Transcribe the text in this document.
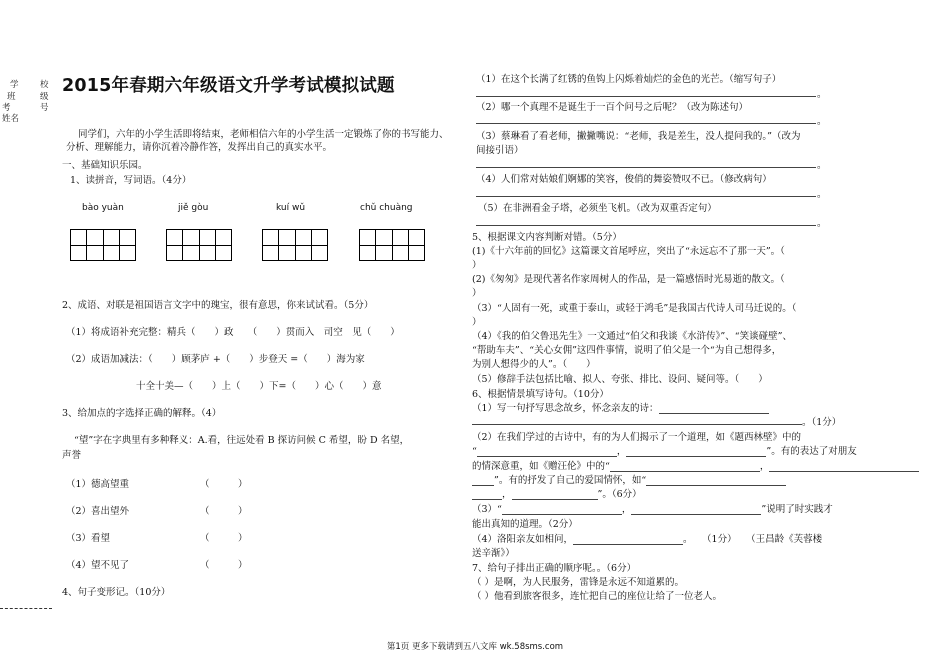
学
班
考
姓名
校
级
号
2015年春期六年级语文升学考试模拟试题
同学们，六年的小学生活即将结束，老师相信六年的小学生活一定锻炼了你的书写能力、分析、理解能力，请你沉着冷静作答，发挥出自己的真实水平。
一、基础知识乐园。
1、读拼音，写词语。（4分）
bào yuàn	jiě gòu	kuí wǔ	chǔ chuàng
2、成语、对联是祖国语言文字中的瑰宝，很有意思，你来试试看。（5分）
（1）将成语补充完整：精兵（　　）政　　（　　）贯而入　司空　见（　　）
（2）成语加减法：（　　）顾茅庐 +（　　）步登天 =（　　）海为家
十全十美—（　　）上（　　）下=（　　）心（　　）意
3、给加点的字选择正确的解释。（4）
“望”字在字典里有多种释义：A.看，往远处看 B 探访问候 C 希望，盼 D 名望，
声誉
（1）德高望重	（　　　）
（2）喜出望外	（　　　）
（3）看望	（　　　）
（4）望不见了	（　　　）
4、句子变形记。（10分）
（1）在这个长满了红锈的鱼钩上闪烁着灿烂的金色的光芒。（缩写句子）
。
（2）哪一个真理不是诞生于一百个问号之后呢？（改为陈述句）
。
（3）蔡琳看了看老师，撇撇嘴说：“老师，我是差生，没人提问我的。”（改为
间接引语）
。
（4）人们常对姑娘们婀娜的笑容，俊俏的舞姿赞叹不已。（修改病句）
。
（5）在非洲看金子塔，必须坐飞机。（改为双重否定句）
。
5、根据课文内容判断对错。（5分）
(1)《十六年前的回忆》这篇课文首尾呼应，突出了“永远忘不了那一天”。（
）
(2)《匆匆》是现代著名作家周树人的作品，是一篇感悟时光易逝的散文。（
）
（3）“人固有一死，或重于泰山，或轻于鸿毛”是我国古代诗人司马迁说的。（
）
（4）《我的伯父鲁迅先生》一文通过“伯父和我谈《水浒传》”、“笑谈碰壁”、
“帮助车夫”、“关心女佣”这四件事情，说明了伯父是一个“为自己想得多，
为别人想得少的人”。（　　）
（5）修辞手法包括比喻、拟人、夸张、排比、设问、疑问等。（　　）
6、根据情景填写诗句。（10分）
（1）写一句抒写思念故乡，怀念亲友的诗：
。（1分）
（2）在我们学过的古诗中，有的为人们揭示了一个道理，如《题西林壁》中的
“	，	”。有的表达了对朋友
的情深意重，如《赠汪伦》中的“	，
”。有的抒发了自己的爱国情怀，如“
，	”。（6分）
（3）“	，	”说明了时实践才
能出真知的道理。（2分）
（4）洛阳亲友如相问，	。　　（1分）　　（王昌龄《芙蓉楼
送辛渐》）
7、给句子排出正确的顺序呢。。（6分）
（ ）是啊，为人民服务，雷锋是永远不知道累的。
（ ）他看到旅客很多，连忙把自己的座位让给了一位老人。
第1页 更多下载请到五八文库 wk.58sms.com
